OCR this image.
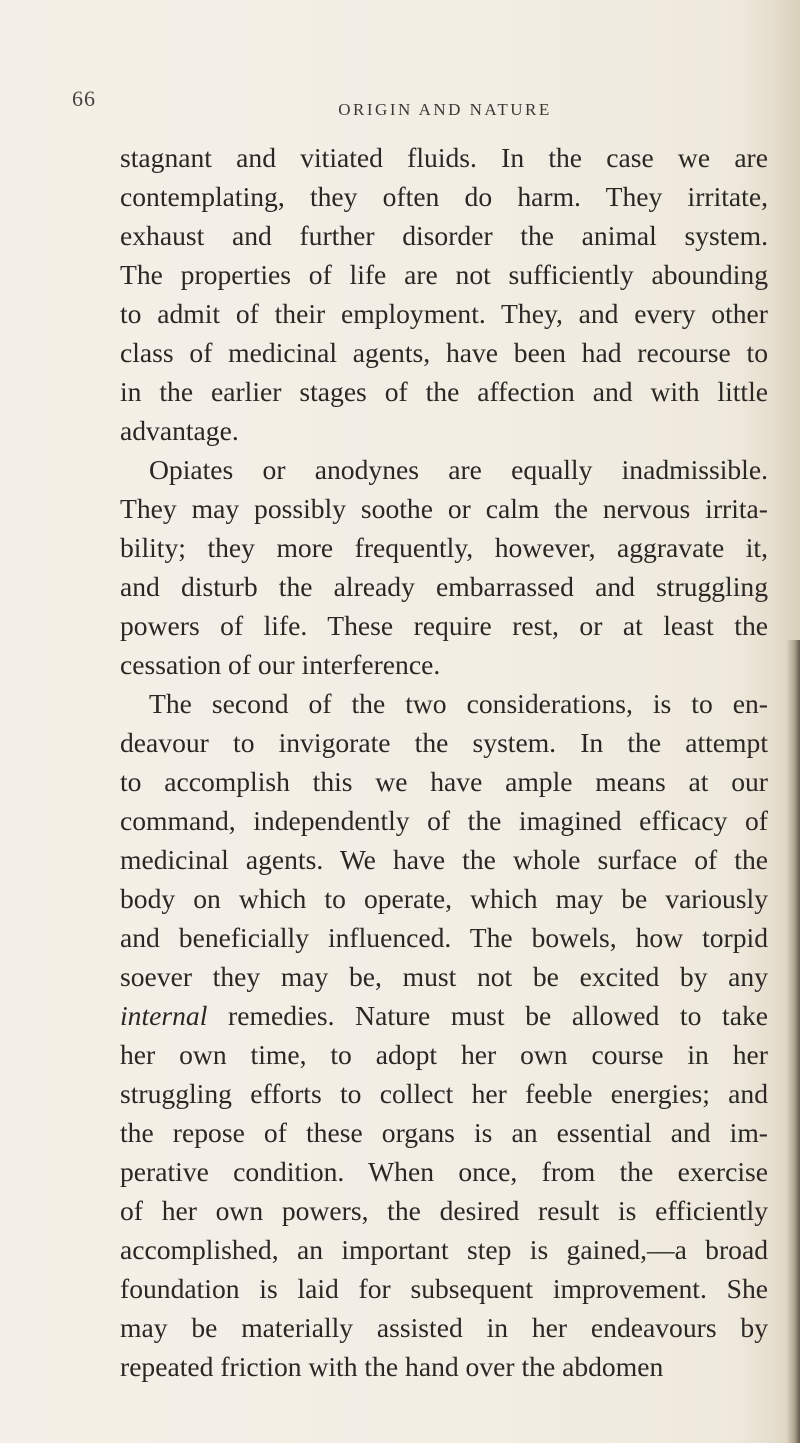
66	ORIGIN AND NATURE
stagnant and vitiated fluids. In the case we are
contemplating, they often do harm. They irritate,
exhaust and further disorder the animal system.
The properties of life are not sufficiently abounding
to admit of their employment. They, and every other
class of medicinal agents, have been had recourse to
in the earlier stages of the affection and with little
advantage.
Opiates or anodynes are equally inadmissible.
They may possibly soothe or calm the nervous irrita-
bility; they more frequently, however, aggravate it,
and disturb the already embarrassed and struggling
powers of life. These require rest, or at least the
cessation of our interference.
The second of the two considerations, is to en-
deavour to invigorate the system. In the attempt
to accomplish this we have ample means at our
command, independently of the imagined efficacy of
medicinal agents. We have the whole surface of the
body on which to operate, which may be variously
and beneficially influenced. The bowels, how torpid
soever they may be, must not be excited by any
internal remedies. Nature must be allowed to take
her own time, to adopt her own course in her
struggling efforts to collect her feeble energies; and
the repose of these organs is an essential and im-
perative condition. When once, from the exercise
of her own powers, the desired result is efficiently
accomplished, an important step is gained,—a broad
foundation is laid for subsequent improvement. She
may be materially assisted in her endeavours by
repeated friction with the hand over the abdomen
